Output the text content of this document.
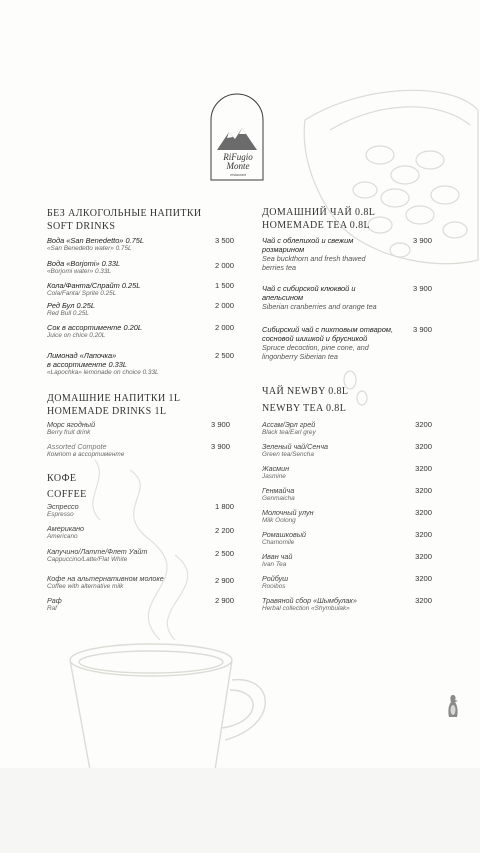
RiFugio
Monte
restaurant
БЕЗ АЛКОГОЛЬНЫЕ НАПИТКИ
SOFT DRINKS
Вода «San Benedetto» 0.75L
«San Benedetto water» 0.75L
3 500
Вода «Borjomi» 0.33L
«Borjomi water» 0.33L
2 000
Кола/Фанта/Спрайт 0.25L
Cola/Fanta/ Sprite 0.25L
1 500
Ред Бул 0.25L
Red Bull 0.25L
2 000
Сок в ассортименте 0.20L
Juice on chice 0.20L
2 000
Лимонад «Лапочка»
в ассортименте 0.33L
«Lapochka» lemonade on choice 0.33L
2 500
ДОМАШНИЕ НАПИТКИ 1L
HOMEMADE DRINKS 1L
Морс ягодный
Berry fruit drink
3 900
Assorted Compote
Компот в ассортименте
3 900
КОФЕ
COFFEE
Эспрессо
Espresso
1 800
Американо
Americano
2 200
Капучино/Латте/Флет Уайт
Cappuccino/Latte/Flat White
2 500
Кофе на альтернативном молоке
Coffee with alternative milk
2 900
Раф
Raf
2 900
ДОМАШНИЙ ЧАЙ 0.8L
HOMEMADE TEA 0.8L
Чай с облепихой и свежим
розмарином
Sea buckthorn and fresh thawed
berries tea
3 900
Чай с сибирской клюквой и
апельсином
Siberian cranberries and orange tea
3 900
Сибирский чай с пихтовым отваром,
сосновой шишкой и брусникой
Spruce decoction, pine cone, and
lingonberry Siberian tea
3 900
ЧАЙ NEWBY 0.8L
NEWBY TEA 0.8L
Ассам/Эрл грей
Black tea/Earl grey
3200
Зеленый чай/Сенча
Green tea/Sencha
3200
Жасмин
Jasmine
3200
Генмайча
Genmaicha
3200
Молочный улун
Milk Oolong
3200
Ромашковый
Chamomile
3200
Иван чай
Ivan Tea
3200
Ройбуш
Rooibos
3200
Травяной сбор «Шымбулак»
Herbal collection «Shymbulak»
3200
